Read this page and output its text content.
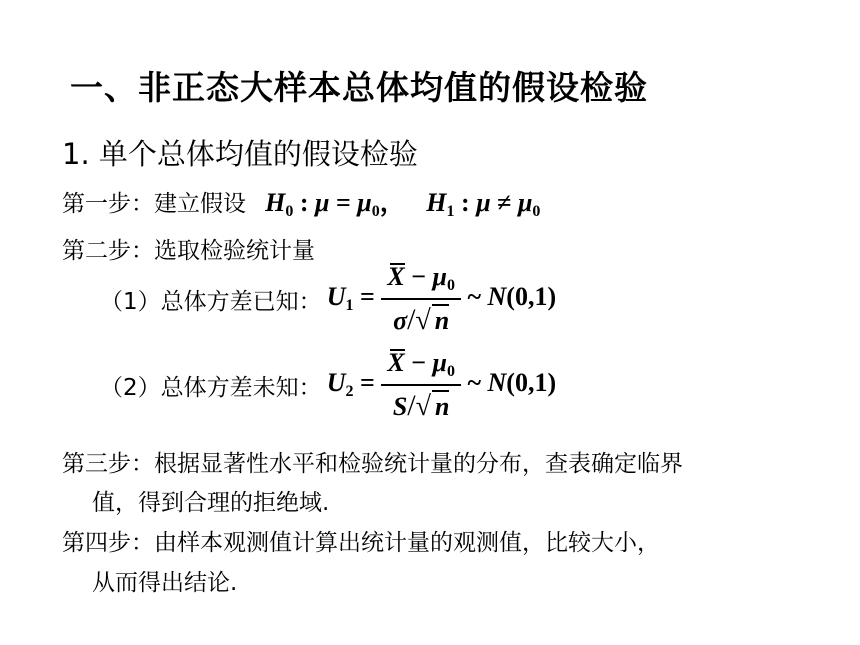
一、非正态大样本总体均值的假设检验
1. 单个总体均值的假设检验
第一步：建立假设 $H_0$ : $\mu = \mu_0$， $H_1$ : $\mu \ne \mu_0$
第二步：选取检验统计量
（1）总体方差已知： $U_1 = \frac{X - \mu_0}{\sigma/√ n}$ ~ N(0,1)
（2）总体方差未知： $U_2 = \frac{X - \mu_0}{S/√ n}$ ~ N(0,1)
第三步：根据显著性水平和检验统计量的分布，查表确定临界
值，得到合理的拒绝域.
第四步：由样本观测值计算出统计量的观测值，比较大小，
从而得出结论.
